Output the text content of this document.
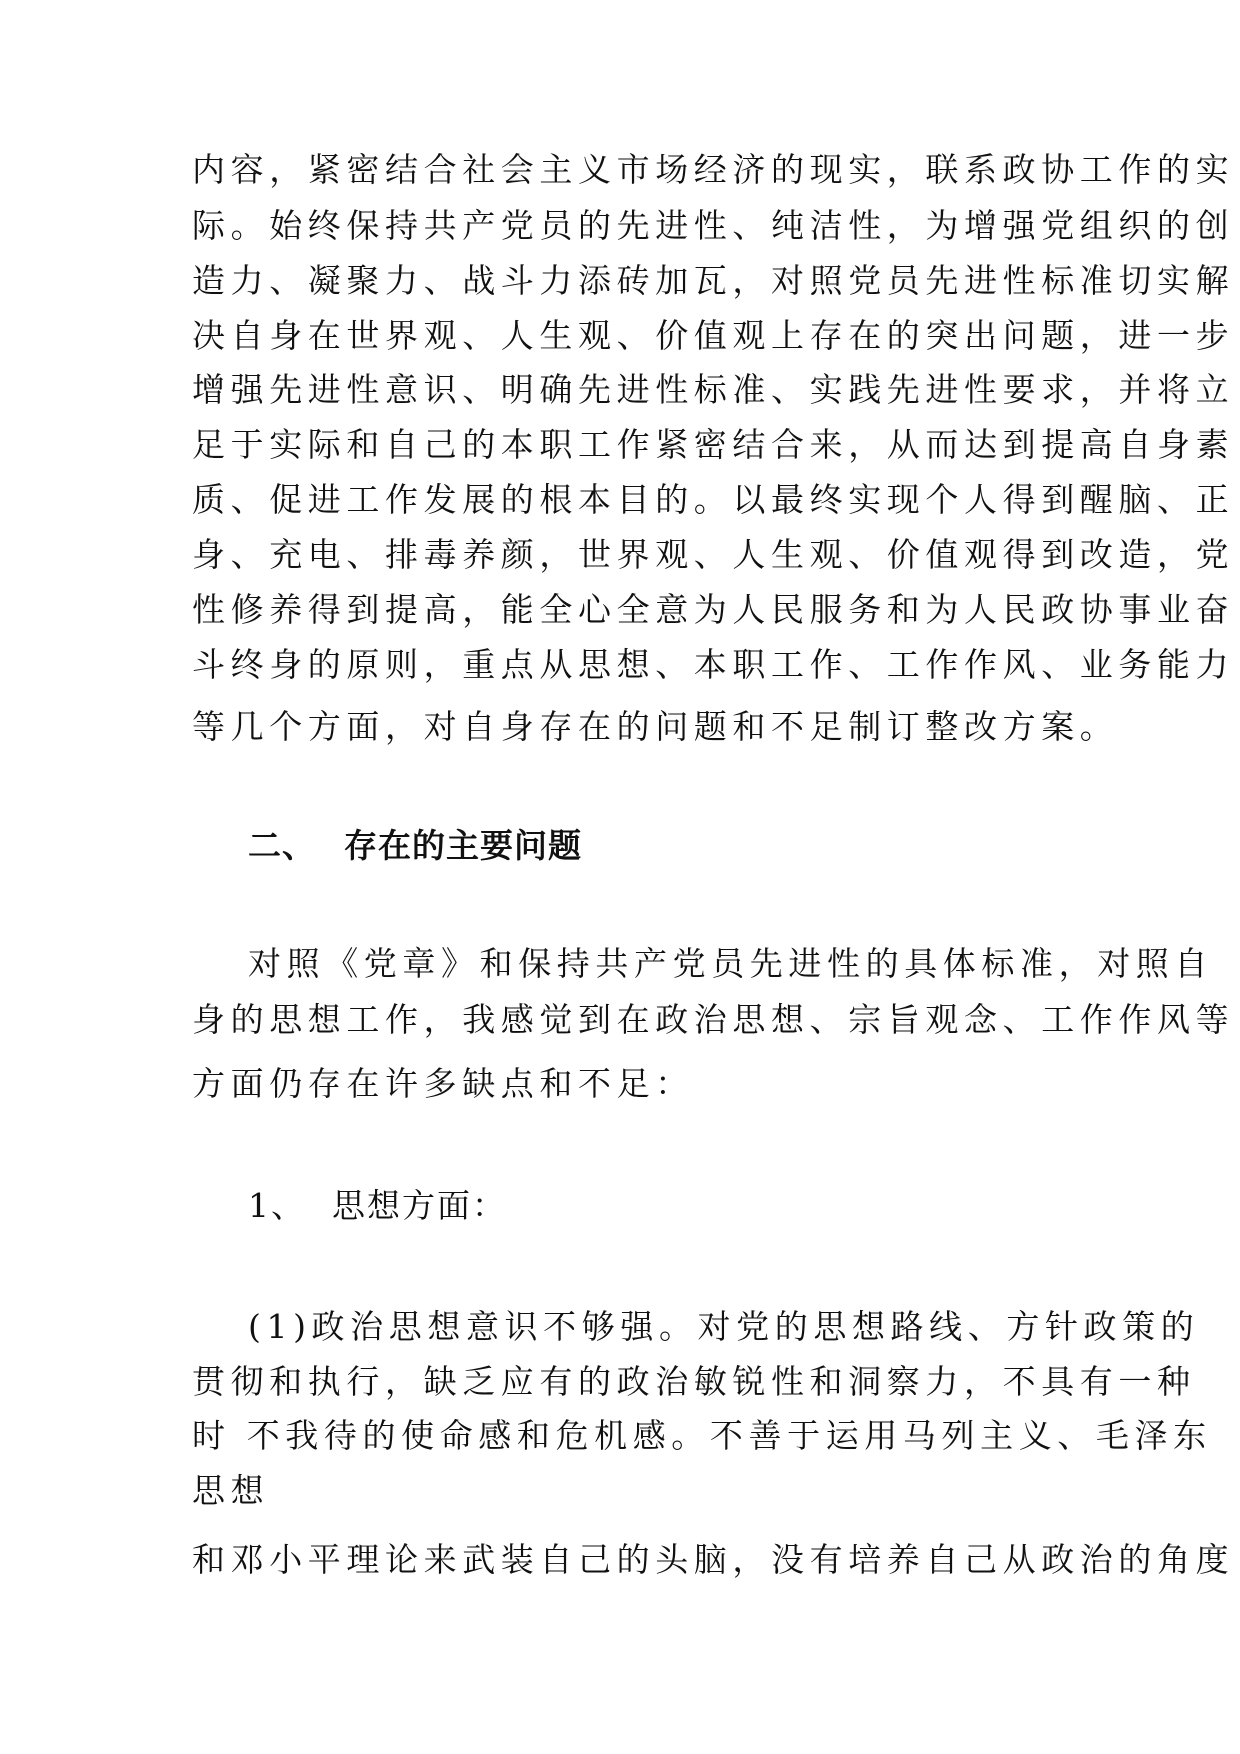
内容，紧密结合社会主义市场经济的现实，联系政协工作的实
际。始终保持共产党员的先进性、纯洁性，为增强党组织的创
造力、凝聚力、战斗力添砖加瓦，对照党员先进性标准切实解
决自身在世界观、人生观、价值观上存在的突出问题，进一步
增强先进性意识、明确先进性标准、实践先进性要求，并将立
足于实际和自己的本职工作紧密结合来，从而达到提高自身素
质、促进工作发展的根本目的。以最终实现个人得到醒脑、正
身、充电、排毒养颜，世界观、人生观、价值观得到改造，党
性修养得到提高，能全心全意为人民服务和为人民政协事业奋
斗终身的原则，重点从思想、本职工作、工作作风、业务能力
等几个方面，对自身存在的问题和不足制订整改方案。
二、 存在的主要问题
对照《党章》和保持共产党员先进性的具体标准，对照自
身的思想工作，我感觉到在政治思想、宗旨观念、工作作风等
方面仍存在许多缺点和不足：
1、 思想方面：
(1)政治思想意识不够强。对党的思想路线、方针政策的
贯彻和执行，缺乏应有的政治敏锐性和洞察力，不具有一种
时 不我待的使命感和危机感。不善于运用马列主义、毛泽东
思想
和邓小平理论来武装自己的头脑，没有培养自己从政治的角度
